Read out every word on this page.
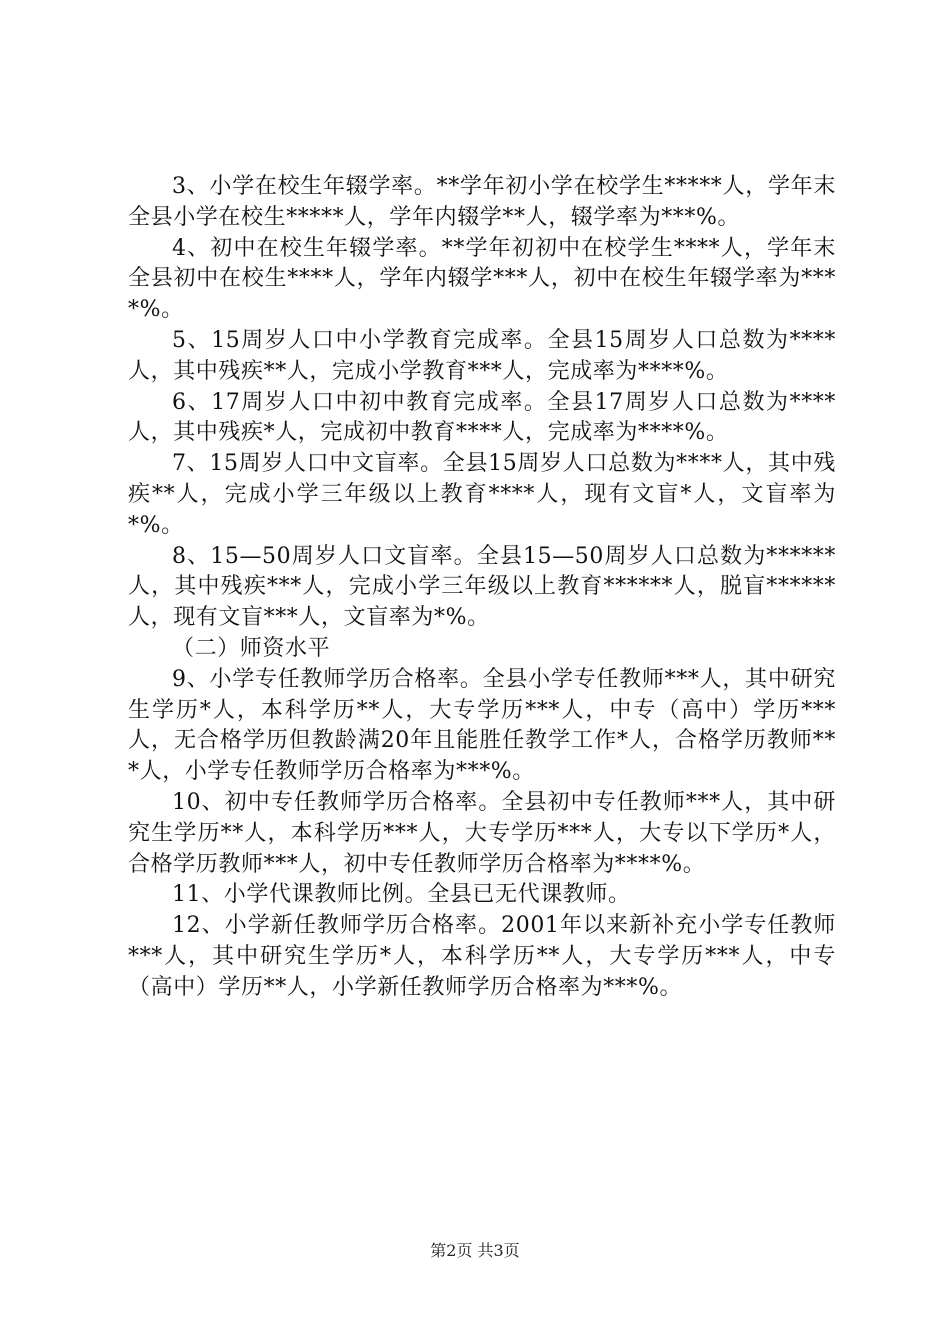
3、小学在校生年辍学率。**学年初小学在校学生*****人，学年末全县小学在校生*****人，学年内辍学**人，辍学率为***%。

4、初中在校生年辍学率。**学年初初中在校学生****人，学年末全县初中在校生****人，学年内辍学***人，初中在校生年辍学率为****%。

5、15周岁人口中小学教育完成率。全县15周岁人口总数为****人，其中残疾**人，完成小学教育***人，完成率为****%。

6、17周岁人口中初中教育完成率。全县17周岁人口总数为****人，其中残疾*人，完成初中教育****人，完成率为****%。

7、15周岁人口中文盲率。全县15周岁人口总数为****人，其中残疾**人，完成小学三年级以上教育****人，现有文盲*人，文盲率为*%。

8、15—50周岁人口文盲率。全县15—50周岁人口总数为******人，其中残疾***人，完成小学三年级以上教育******人，脱盲******人，现有文盲***人，文盲率为*%。

（二）师资水平

9、小学专任教师学历合格率。全县小学专任教师***人，其中研究生学历*人，本科学历**人，大专学历***人，中专（高中）学历***人，无合格学历但教龄满20年且能胜任教学工作*人，合格学历教师***人，小学专任教师学历合格率为***%。

10、初中专任教师学历合格率。全县初中专任教师***人，其中研究生学历**人，本科学历***人，大专学历***人，大专以下学历*人，合格学历教师***人，初中专任教师学历合格率为****%。

11、小学代课教师比例。全县已无代课教师。

12、小学新任教师学历合格率。2001年以来新补充小学专任教师***人，其中研究生学历*人，本科学历**人，大专学历***人，中专（高中）学历**人，小学新任教师学历合格率为***%。

第2页 共3页
